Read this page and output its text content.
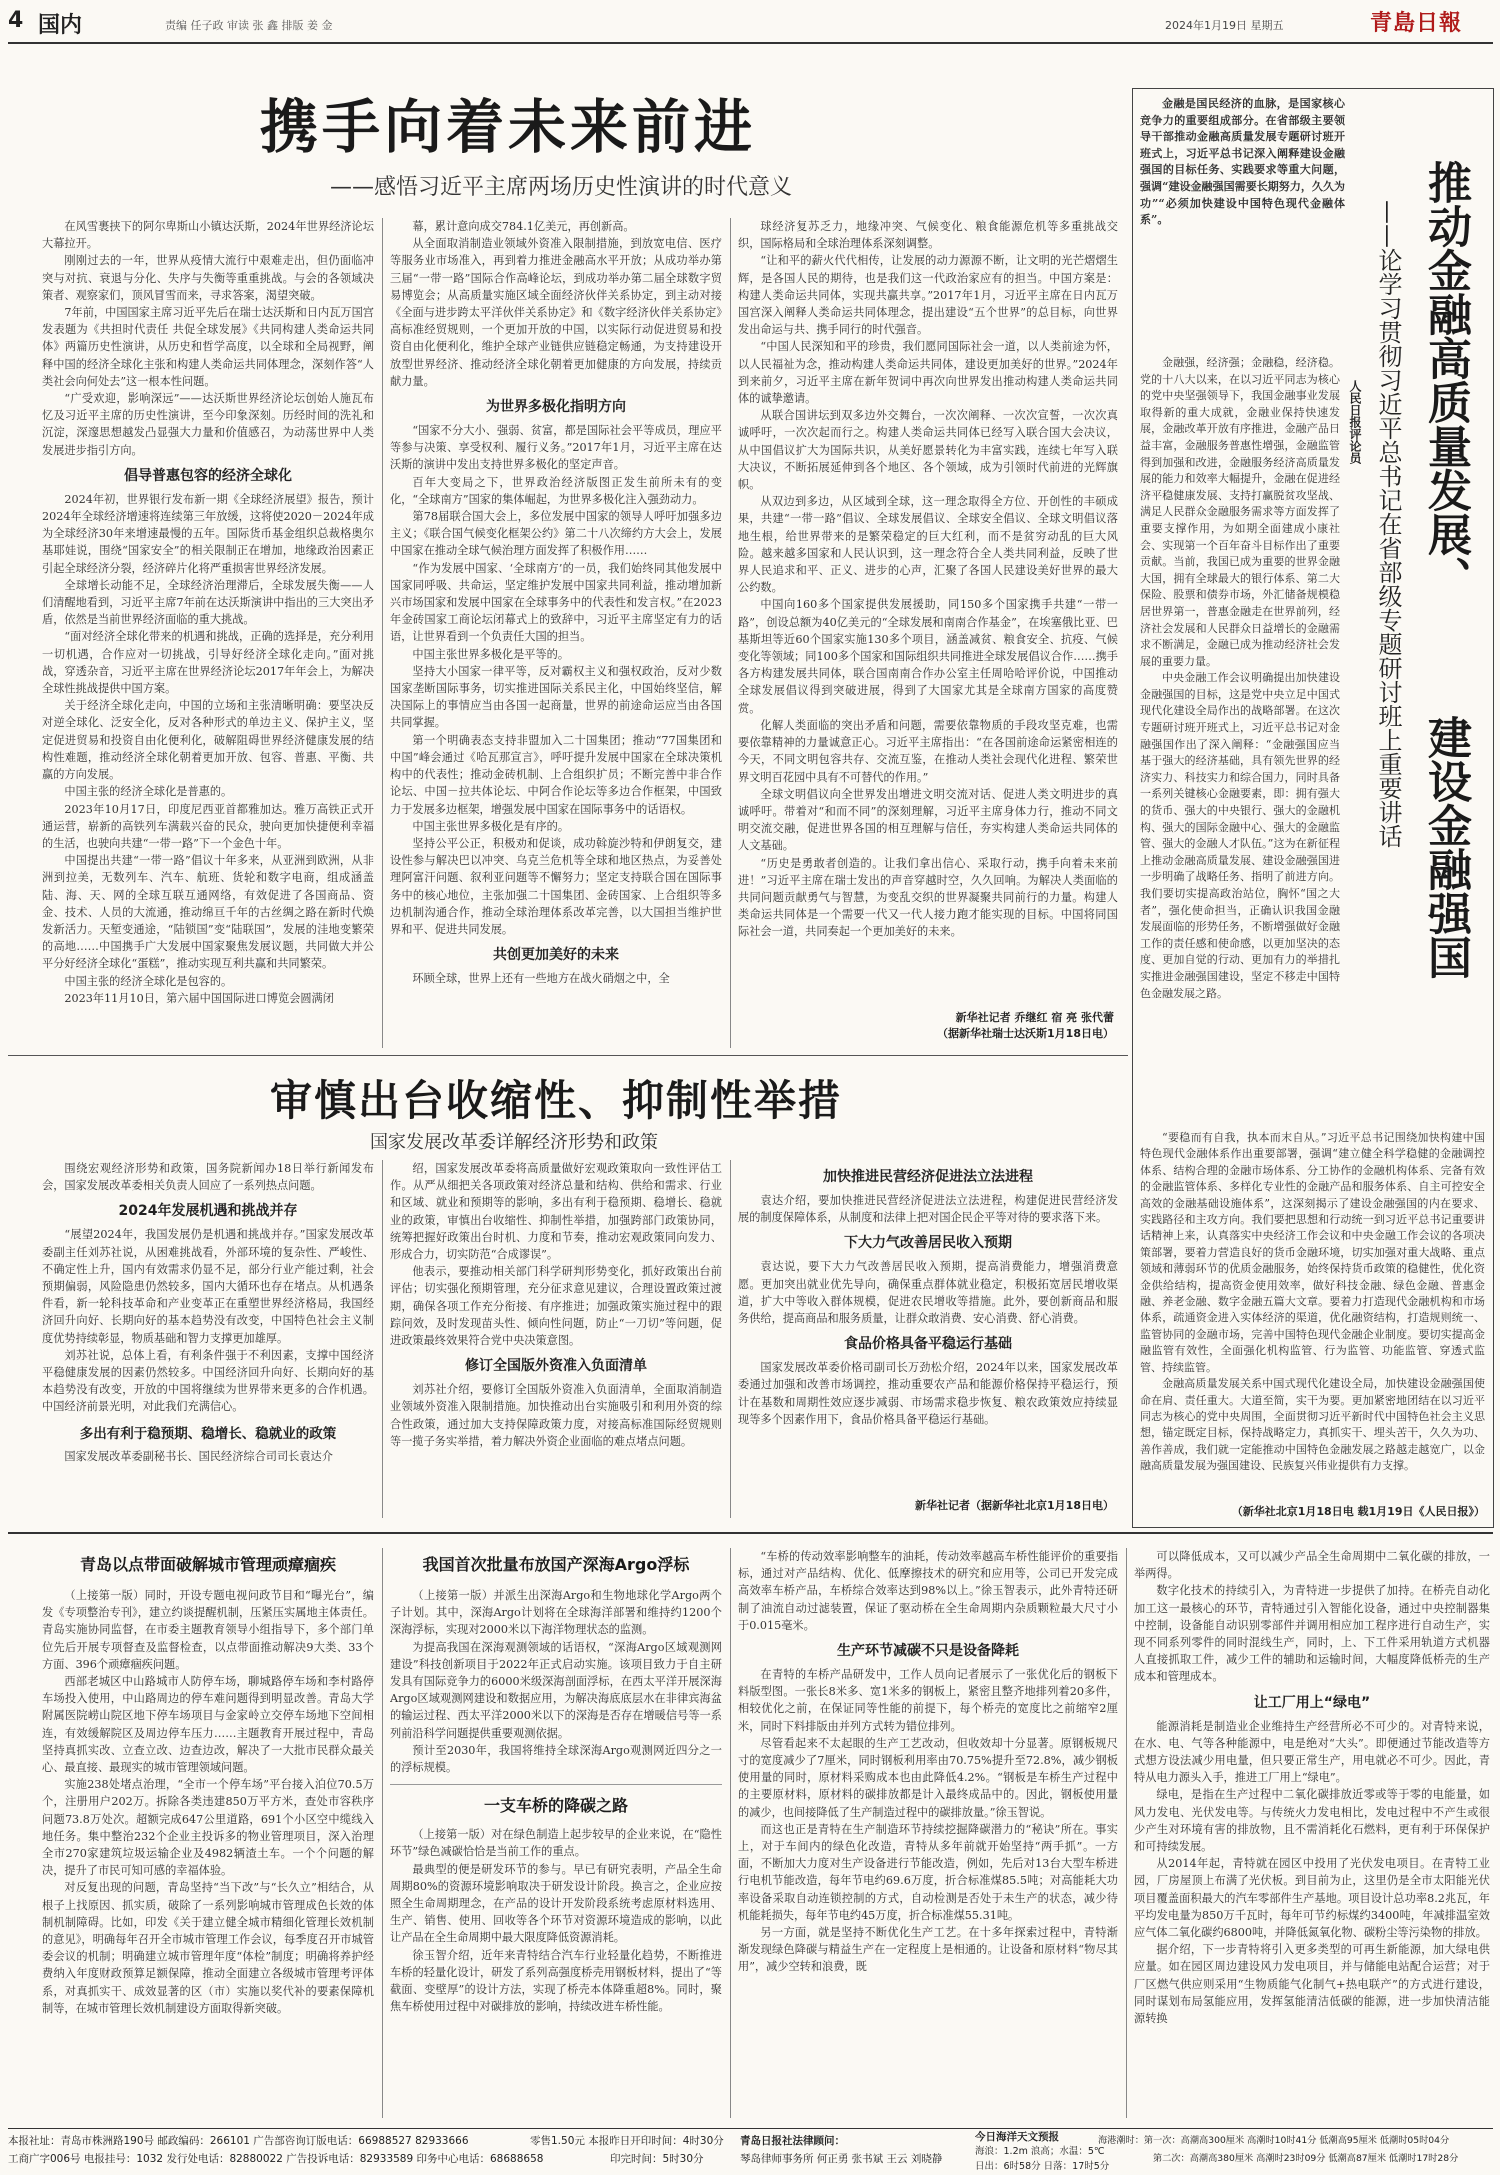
4 国内	责编 任子政 审读 张 鑫 排版 姜 金	2024年1月19日 星期五	青島日報
携手向着未来前进
——感悟习近平主席两场历史性演讲的时代意义

在风雪裹挟下的阿尔卑斯山小镇达沃斯，2024年世界经济论坛大幕拉开。

刚刚过去的一年，世界从疫情大流行中艰难走出，但仍面临冲突与对抗、衰退与分化、失序与失衡等重重挑战。与会的各领域决策者、观察家们，顶风冒雪而来，寻求答案，渴望突破。

7年前，中国国家主席习近平先后在瑞士达沃斯和日内瓦万国宫发表题为《共担时代责任 共促全球发展》《共同构建人类命运共同体》两篇历史性演讲，从历史和哲学高度，以全球和全局视野，阐释中国的经济全球化主张和构建人类命运共同体理念，深刻作答“人类社会向何处去”这一根本性问题。

“广受欢迎，影响深远”——达沃斯世界经济论坛创始人施瓦布忆及习近平主席的历史性演讲，至今印象深刻。历经时间的洗礼和沉淀，深邃思想越发凸显强大力量和价值感召，为动荡世界中人类发展进步指引方向。

倡导普惠包容的经济全球化

2024年初，世界银行发布新一期《全球经济展望》报告，预计2024年全球经济增速将连续第三年放缓，这将使2020－2024年成为全球经济30年来增速最慢的五年。国际货币基金组织总裁格奥尔基耶娃说，围绕“国家安全”的相关限制正在增加，地缘政治因素正引起全球经济分裂，经济碎片化将严重损害世界经济发展。

全球增长动能不足，全球经济治理滞后，全球发展失衡——人们清醒地看到，习近平主席7年前在达沃斯演讲中指出的三大突出矛盾，依然是当前世界经济面临的重大挑战。

“面对经济全球化带来的机遇和挑战，正确的选择是，充分利用一切机遇，合作应对一切挑战，引导好经济全球化走向。”面对挑战，穿透杂音，习近平主席在世界经济论坛2017年年会上，为解决全球性挑战提供中国方案。

关于经济全球化走向，中国的立场和主张清晰明确：要坚决反对逆全球化、泛安全化，反对各种形式的单边主义、保护主义，坚定促进贸易和投资自由化便利化，破解阻碍世界经济健康发展的结构性难题，推动经济全球化朝着更加开放、包容、普惠、平衡、共赢的方向发展。

中国主张的经济全球化是普惠的。

2023年10月17日，印度尼西亚首都雅加达。雅万高铁正式开通运营，崭新的高铁列车满载兴奋的民众，驶向更加快捷便利幸福的生活，也驶向共建“一带一路”下一个金色十年。

中国提出共建“一带一路”倡议十年多来，从亚洲到欧洲，从非洲到拉美，无数列车、汽车、航班、货轮和数字电商，组成涵盖陆、海、天、网的全球互联互通网络，有效促进了各国商品、资金、技术、人员的大流通，推动绵亘千年的古丝绸之路在新时代焕发新活力。天堑变通途，“陆锁国”变“陆联国”，发展的洼地变繁荣的高地……中国携手广大发展中国家聚焦发展议题，共同做大并公平分好经济全球化“蛋糕”，推动实现互利共赢和共同繁荣。

中国主张的经济全球化是包容的。

2023年11月10日，第六届中国国际进口博览会圆满闭

幕，累计意向成交784.1亿美元，再创新高。

从全面取消制造业领域外资准入限制措施，到放宽电信、医疗等服务业市场准入，再到着力推进金融高水平开放；从成功举办第三届“一带一路”国际合作高峰论坛，到成功举办第二届全球数字贸易博览会；从高质量实施区域全面经济伙伴关系协定，到主动对接《全面与进步跨太平洋伙伴关系协定》和《数字经济伙伴关系协定》高标准经贸规则，一个更加开放的中国，以实际行动促进贸易和投资自由化便利化，维护全球产业链供应链稳定畅通，为支持建设开放型世界经济、推动经济全球化朝着更加健康的方向发展，持续贡献力量。

为世界多极化指明方向

“国家不分大小、强弱、贫富，都是国际社会平等成员，理应平等参与决策、享受权利、履行义务。”2017年1月，习近平主席在达沃斯的演讲中发出支持世界多极化的坚定声音。

百年大变局之下，世界政治经济版图正发生前所未有的变化，“全球南方”国家的集体崛起，为世界多极化注入强劲动力。

第78届联合国大会上，多位发展中国家的领导人呼吁加强多边主义；《联合国气候变化框架公约》第二十八次缔约方大会上，发展中国家在推动全球气候治理方面发挥了积极作用……

“作为发展中国家、‘全球南方’的一员，我们始终同其他发展中国家同呼吸、共命运，坚定维护发展中国家共同利益，推动增加新兴市场国家和发展中国家在全球事务中的代表性和发言权。”在2023年金砖国家工商论坛闭幕式上的致辞中，习近平主席坚定有力的话语，让世界看到一个负责任大国的担当。

中国主张世界多极化是平等的。

坚持大小国家一律平等，反对霸权主义和强权政治，反对少数国家垄断国际事务，切实推进国际关系民主化，中国始终坚信，解决国际上的事情应当由各国一起商量，世界的前途命运应当由各国共同掌握。

第一个明确表态支持非盟加入二十国集团；推动“77国集团和中国”峰会通过《哈瓦那宣言》，呼吁提升发展中国家在全球决策机构中的代表性；推动金砖机制、上合组织扩员；不断完善中非合作论坛、中国－拉共体论坛、中阿合作论坛等多边合作框架，中国致力于发展多边框架，增强发展中国家在国际事务中的话语权。

中国主张世界多极化是有序的。

坚持公平公正，积极劝和促谈，成功斡旋沙特和伊朗复交，建设性参与解决巴以冲突、乌克兰危机等全球和地区热点，为妥善处理阿富汗问题、叙利亚问题等不懈努力；坚定支持联合国在国际事务中的核心地位，主张加强二十国集团、金砖国家、上合组织等多边机制沟通合作，推动全球治理体系改革完善，以大国担当维护世界和平、促进共同发展。

共创更加美好的未来

环顾全球，世界上还有一些地方在战火硝烟之中，全

球经济复苏乏力，地缘冲突、气候变化、粮食能源危机等多重挑战交织，国际格局和全球治理体系深刻调整。

“让和平的薪火代代相传，让发展的动力源源不断，让文明的光芒熠熠生辉，是各国人民的期待，也是我们这一代政治家应有的担当。中国方案是：构建人类命运共同体，实现共赢共享。”2017年1月，习近平主席在日内瓦万国宫深入阐释人类命运共同体理念，提出建设“五个世界”的总目标，向世界发出命运与共、携手同行的时代强音。

“中国人民深知和平的珍贵，我们愿同国际社会一道，以人类前途为怀，以人民福祉为念，推动构建人类命运共同体，建设更加美好的世界。”2024年到来前夕，习近平主席在新年贺词中再次向世界发出推动构建人类命运共同体的诚挚邀请。

从联合国讲坛到双多边外交舞台，一次次阐释、一次次宣誓，一次次真诚呼吁，一次次起而行之。构建人类命运共同体已经写入联合国大会决议，从中国倡议扩大为国际共识，从美好愿景转化为丰富实践，连续七年写入联大决议，不断拓展延伸到各个地区、各个领域，成为引领时代前进的光辉旗帜。

从双边到多边，从区域到全球，这一理念取得全方位、开创性的丰硕成果，共建“一带一路”倡议、全球发展倡议、全球安全倡议、全球文明倡议落地生根，给世界带来的是繁荣稳定的巨大红利，而不是贫穷动乱的巨大风险。越来越多国家和人民认识到，这一理念符合全人类共同利益，反映了世界人民追求和平、正义、进步的心声，汇聚了各国人民建设美好世界的最大公约数。

中国向160多个国家提供发展援助，同150多个国家携手共建“一带一路”，创设总额为40亿美元的“全球发展和南南合作基金”，在埃塞俄比亚、巴基斯坦等近60个国家实施130多个项目，涵盖减贫、粮食安全、抗疫、气候变化等领域；同100多个国家和国际组织共同推进全球发展倡议合作……携手各方构建发展共同体，联合国南南合作办公室主任周哈哈评价说，中国推动全球发展倡议得到突破进展，得到了大国家尤其是全球南方国家的高度赞赏。

化解人类面临的突出矛盾和问题，需要依靠物质的手段攻坚克难，也需要依靠精神的力量诚意正心。习近平主席指出：“在各国前途命运紧密相连的今天，不同文明包容共存、交流互鉴，在推动人类社会现代化进程、繁荣世界文明百花园中具有不可替代的作用。”

全球文明倡议向全世界发出增进文明交流对话、促进人类文明进步的真诚呼吁。带着对“和而不同”的深刻理解，习近平主席身体力行，推动不同文明交流交融，促进世界各国的相互理解与信任，夯实构建人类命运共同体的人文基础。

“历史是勇敢者创造的。让我们拿出信心、采取行动，携手向着未来前进！”习近平主席在瑞士发出的声音穿越时空，久久回响。为解决人类面临的共同问题贡献勇气与智慧，为变乱交织的世界凝聚共同前行的力量。构建人类命运共同体是一个需要一代又一代人接力跑才能实现的目标。中国将同国际社会一道，共同奏起一个更加美好的未来。

新华社记者 乔继红 宿 亮 张代蕾

（据新华社瑞士达沃斯1月18日电）

审慎出台收缩性、抑制性举措
国家发展改革委详解经济形势和政策

围绕宏观经济形势和政策，国务院新闻办18日举行新闻发布会，国家发展改革委相关负责人回应了一系列热点问题。

2024年发展机遇和挑战并存

“展望2024年，我国发展仍是机遇和挑战并存。”国家发展改革委副主任刘苏社说，从困难挑战看，外部环境的复杂性、严峻性、不确定性上升，国内有效需求仍显不足，部分行业产能过剩，社会预期偏弱，风险隐患仍然较多，国内大循环也存在堵点。从机遇条件看，新一轮科技革命和产业变革正在重塑世界经济格局，我国经济回升向好、长期向好的基本趋势没有改变，中国特色社会主义制度优势持续彰显，物质基础和智力支撑更加雄厚。

刘苏社说，总体上看，有利条件强于不利因素，支撑中国经济平稳健康发展的因素仍然较多。中国经济回升向好、长期向好的基本趋势没有改变，开放的中国将继续为世界带来更多的合作机遇。中国经济前景光明，对此我们充满信心。

多出有利于稳预期、稳增长、稳就业的政策

国家发展改革委副秘书长、国民经济综合司司长袁达介

绍，国家发展改革委将高质量做好宏观政策取向一致性评估工作。从严从细把关各项政策对经济总量和结构、供给和需求、行业和区域、就业和预期等的影响，多出有利于稳预期、稳增长、稳就业的政策，审慎出台收缩性、抑制性举措，加强跨部门政策协同，统筹把握好政策出台时机、力度和节奏，推动宏观政策同向发力、形成合力，切实防范“合成谬误”。

他表示，要推动相关部门科学研判形势变化，抓好政策出台前评估；切实强化预期管理，充分征求意见建议，合理设置政策过渡期，确保各项工作充分衔接、有序推进；加强政策实施过程中的跟踪问效，及时发现苗头性、倾向性问题，防止“一刀切”等问题，促进政策最终效果符合党中央决策意图。

修订全国版外资准入负面清单

刘苏社介绍，要修订全国版外资准入负面清单，全面取消制造业领域外资准入限制措施。加快推动出台实施吸引和利用外资的综合性政策，通过加大支持保障政策力度，对接高标准国际经贸规则等一揽子务实举措，着力解决外资企业面临的难点堵点问题。

加快推进民营经济促进法立法进程

袁达介绍，要加快推进民营经济促进法立法进程，构建促进民营经济发展的制度保障体系，从制度和法律上把对国企民企平等对待的要求落下来。

下大力气改善居民收入预期

袁达说，要下大力气改善居民收入预期，提高消费能力，增强消费意愿。更加突出就业优先导向，确保重点群体就业稳定，积极拓宽居民增收渠道，扩大中等收入群体规模，促进农民增收等措施。此外，要创新商品和服务供给，提高商品和服务质量，让群众敢消费、安心消费、舒心消费。

食品价格具备平稳运行基础

国家发展改革委价格司副司长万劲松介绍，2024年以来，国家发展改革委通过加强和改善市场调控，推动重要农产品和能源价格保持平稳运行，预计在基数和周期性效应逐步减弱、市场需求稳步恢复、粮农政策效应持续显现等多个因素作用下，食品价格具备平稳运行基础。

新华社记者（据新华社北京1月18日电）

金融是国民经济的血脉，是国家核心竞争力的重要组成部分。在省部级主要领导干部推动金融高质量发展专题研讨班开班式上，习近平总书记深入阐释建设金融强国的目标任务、实践要求等重大问题，强调“建设金融强国需要长期努力，久久为功”“必须加快建设中国特色现代金融体系”。	推动金融高质量发展、
建设金融强国
——论学习贯彻习近平总书记在省部级专题研讨班上重要讲话
人民日报评论员

金融强，经济强；金融稳，经济稳。党的十八大以来，在以习近平同志为核心的党中央坚强领导下，我国金融事业发展取得新的重大成就，金融业保持快速发展，金融改革开放有序推进，金融产品日益丰富，金融服务普惠性增强，金融监管得到加强和改进，金融服务经济高质量发展的能力和效率大幅提升，金融在促进经济平稳健康发展、支持打赢脱贫攻坚战、满足人民群众金融服务需求等方面发挥了重要支撑作用，为如期全面建成小康社会、实现第一个百年奋斗目标作出了重要贡献。当前，我国已成为重要的世界金融大国，拥有全球最大的银行体系、第二大保险、股票和债券市场，外汇储备规模稳居世界第一，普惠金融走在世界前列，经济社会发展和人民群众日益增长的金融需求不断满足，金融已成为推动经济社会发展的重要力量。

中央金融工作会议明确提出加快建设金融强国的目标，这是党中央立足中国式现代化建设全局作出的战略部署。在这次专题研讨班开班式上，习近平总书记对金融强国作出了深入阐释：“金融强国应当基于强大的经济基础，具有领先世界的经济实力、科技实力和综合国力，同时具备一系列关键核心金融要素，即：拥有强大的货币、强大的中央银行、强大的金融机构、强大的国际金融中心、强大的金融监管、强大的金融人才队伍。”这为在新征程上推动金融高质量发展、建设金融强国进一步明确了战略任务、指明了前进方向。我们要切实提高政治站位，胸怀“国之大者”，强化使命担当，正确认识我国金融发展面临的形势任务，不断增强做好金融工作的责任感和使命感，以更加坚决的态度、更加自觉的行动、更加有力的举措扎实推进金融强国建设，坚定不移走中国特色金融发展之路。

“要稳而有自我，执本而末自从。”习近平总书记围绕加快构建中国特色现代金融体系作出重要部署，强调“建立健全科学稳健的金融调控体系、结构合理的金融市场体系、分工协作的金融机构体系、完备有效的金融监管体系、多样化专业性的金融产品和服务体系、自主可控安全高效的金融基础设施体系”，这深刻揭示了建设金融强国的内在要求、实践路径和主攻方向。我们要把思想和行动统一到习近平总书记重要讲话精神上来，认真落实中央经济工作会议和中央金融工作会议的各项决策部署，要着力营造良好的货币金融环境，切实加强对重大战略、重点领域和薄弱环节的优质金融服务，始终保持货币政策的稳健性，优化资金供给结构，提高资金使用效率，做好科技金融、绿色金融、普惠金融、养老金融、数字金融五篇大文章。要着力打造现代金融机构和市场体系，疏通资金进入实体经济的渠道，优化融资结构，打造规则统一、监管协同的金融市场，完善中国特色现代金融企业制度。要切实提高金融监管有效性，全面强化机构监管、行为监管、功能监管、穿透式监管、持续监管。

金融高质量发展关系中国式现代化建设全局，加快建设金融强国使命在肩、责任重大。大道至简，实干为要。更加紧密地团结在以习近平同志为核心的党中央周围，全面贯彻习近平新时代中国特色社会主义思想，锚定既定目标，保持战略定力，真抓实干、埋头苦干，久久为功、善作善成，我们就一定能推动中国特色金融发展之路越走越宽广，以金融高质量发展为强国建设、民族复兴伟业提供有力支撑。

（新华社北京1月18日电 载1月19日《人民日报》）

青岛以点带面破解城市管理顽瘴痼疾

（上接第一版）同时，开设专题电视问政节目和“曝光台”，编发《专项整治专刊》，建立约谈提醒机制，压紧压实属地主体责任。青岛实施协同监督，在市委主题教育领导小组指导下，多个部门单位先后开展专项督查及监督检查，以点带面推动解决9大类、33个方面、396个顽瘴痼疾问题。

西部老城区中山路城市人防停车场，聊城路停车场和李村路停车场投入使用，中山路周边的停车难问题得到明显改善。青岛大学附属医院崂山院区地下停车场项目与金家岭立交停车场地下空间相连，有效缓解院区及周边停车压力……主题教育开展过程中，青岛坚持真抓实改、立查立改、边查边改，解决了一大批市民群众最关心、最直接、最现实的城市管理领域问题。

实施238处堵点治理，“全市一个停车场”平台接入泊位70.5万个，注册用户202万。拆除各类违建850万平方米，查处市容秩序问题73.8万处次。超额完成647公里道路，691个小区空中缆线入地任务。集中整治232个企业主投诉多的物业管理项目，深入治理全市270家建筑垃圾运输企业及4982辆渣土车。一个个问题的解决，提升了市民可知可感的幸福体验。

对反复出现的问题，青岛坚持“当下改”与“长久立”相结合，从根子上找原因、抓实质，破除了一系列影响城市管理成色长效的体制机制障碍。比如，印发《关于建立健全城市精细化管理长效机制的意见》，明确每年召开全市城市管理工作会议，每季度召开市城管委会议的机制；明确建立城市管理年度“体检”制度；明确将养护经费纳入年度财政预算足额保障，推动全面建立各级城市管理考评体系，对真抓实干、成效显著的区（市）实施以奖代补的要素保障机制等，在城市管理长效机制建设方面取得新突破。

我国首次批量布放国产深海Argo浮标

（上接第一版）并派生出深海Argo和生物地球化学Argo两个子计划。其中，深海Argo计划将在全球海洋部署和维持约1200个深海浮标，实现对2000米以下海洋物理状态的监测。

为提高我国在深海观测领域的话语权，“深海Argo区域观测网建设”科技创新项目于2022年正式启动实施。该项目致力于自主研发具有国际竞争力的6000米级深海剖面浮标，在西太平洋开展深海Argo区域观测网建设和数据应用，为解决海底底层水在非律宾海盆的输运过程、西太平洋2000米以下的深海是否存在增暖信号等一系列前沿科学问题提供重要观测依据。

预计至2030年，我国将维持全球深海Argo观测网近四分之一的浮标规模。

一支车桥的降碳之路

（上接第一版）对在绿色制造上起步较早的企业来说，在“隐性环节”绿色减碳恰恰是当前工作的重点。

最典型的便是研发环节的参与。早已有研究表明，产品全生命周期80%的资源环境影响取决于研发设计阶段。换言之，企业应按照全生命周期理念，在产品的设计开发阶段系统考虑原材料选用、生产、销售、使用、回收等各个环节对资源环境造成的影响，以此让产品在全生命周期中最大限度降低资源消耗。

徐玉智介绍，近年来青特结合汽车行业轻量化趋势，不断推进车桥的轻量化设计，研发了系列高强度桥壳用钢板材料，提出了“等截面、变壁厚”的设计方法，实现了桥壳本体降重超8%。同时，聚焦车桥使用过程中对碳排放的影响，持续改进车桥性能。

“车桥的传动效率影响整车的油耗，传动效率越高车桥性能评价的重要指标，通过对产品结构、优化、低摩擦技术的研究和应用等，公司已开发完成高效率车桥产品，车桥综合效率达到98%以上。”徐玉智表示，此外青特还研制了油流自动过滤装置，保证了驱动桥在全生命周期内杂质颗粒最大尺寸小于0.015毫米。

生产环节减碳不只是设备降耗

在青特的车桥产品研发中，工作人员向记者展示了一张优化后的钢板下料版型图。一张长8米多、宽1米多的钢板上，紧密且整齐地排列着20多件，相较优化之前，在保证同等性能的前提下，每个桥壳的宽度比之前缩窄2厘米，同时下料排版由并列方式转为错位排列。

尽管看起来不太起眼的生产工艺改动，但收效却十分显著。原钢板规尺寸的宽度减少了7厘米，同时钢板利用率由70.75%提升至72.8%，减少钢板使用量的同时，原材料采购成本也由此降低4.2%。“钢板是车桥生产过程中的主要原材料，原材料的碳排放都是计入最终成品中的。因此，钢板使用量的减少，也间接降低了生产制造过程中的碳排放量。”徐玉智说。

而这也正是青特在生产制造环节持续挖掘降碳潜力的“秘诀”所在。事实上，对于车间内的绿色化改造，青特从多年前就开始坚持“两手抓”。一方面，不断加大力度对生产设备进行节能改造，例如，先后对13台大型车桥进行电机节能改造，每年节电约69.6万度，折合标准煤85.5吨；对高能耗大功率设备采取自动连锁控制的方式，自动检测是否处于未生产的状态，减少待机能耗损失，每年节电约45万度，折合标准煤55.31吨。

另一方面，就是坚持不断优化生产工艺。在十多年探索过程中，青特渐渐发现绿色降碳与精益生产在一定程度上是相通的。让设备和原材料“物尽其用”，减少空转和浪费，既

可以降低成本，又可以减少产品全生命周期中二氧化碳的排放，一举两得。

数字化技术的持续引入，为青特进一步提供了加持。在桥壳自动化加工这一最核心的环节，青特通过引入智能化设备，通过中央控制器集中控制，设备能自动识别零部件并调用相应加工程序进行自动生产，实现不同系列零件的同时混线生产，同时，上、下工件采用轨道方式机器人直接抓取工件，减少工件的辅助和运输时间，大幅度降低桥壳的生产成本和管理成本。

让工厂用上“绿电”

能源消耗是制造业企业维持生产经营所必不可少的。对青特来说，在水、电、气等各种能源中，电是绝对“大头”。即便通过节能改造等方式想方设法减少用电量，但只要正常生产，用电就必不可少。因此，青特从电力源头入手，推进工厂用上“绿电”。

绿电，是指在生产过程中二氧化碳排放近零或等于零的电能量，如风力发电、光伏发电等。与传统火力发电相比，发电过程中不产生或很少产生对环境有害的排放物，且不需消耗化石燃料，更有利于环保保护和可持续发展。

从2014年起，青特就在园区中投用了光伏发电项目。在青特工业园，厂房屋顶上布满了光伏板。到目前为止，这里仍是全市太阳能光伏项目覆盖面积最大的汽车零部件生产基地。项目设计总功率8.2兆瓦，年平均发电量为850万千瓦时，每年可节约标煤约3400吨，年减排温室效应气体二氧化碳约6800吨，并降低氮氧化物、碳粉尘等污染物的排放。

据介绍，下一步青特将引入更多类型的可再生新能源，加大绿电供应量。如在园区周边建设风力发电项目，并与储能电站配合运营；对于厂区燃气供应则采用“生物质能气化制气+热电联产”的方式进行建设，同时谋划布局氢能应用，发挥氢能清洁低碳的能源，进一步加快清洁能源转换

本报社址：青岛市株洲路190号 邮政编码：266101 广告部咨询订版电话：66988527 82933666
工商广字006号 电报挂号：1032 发行处电话：82880022 广告投诉电话：82933589 印务中心电话：68688658
零售1.50元 本报昨日开印时间：4时30分
印完时间：5时30分
青岛日报社法律顾问：
琴岛律师事务所 何正勇 张书斌 王云 刘晓静
今日海洋天文预报
海浪：1.2m 浪高；水温：5℃
日出：6时58分 日落：17时5分
海港潮时：第一次：高潮高300厘米 高潮时10时41分 低潮高95厘米 低潮时05时04分
第二次：高潮高380厘米 高潮时23时09分 低潮高87厘米 低潮时17时28分
